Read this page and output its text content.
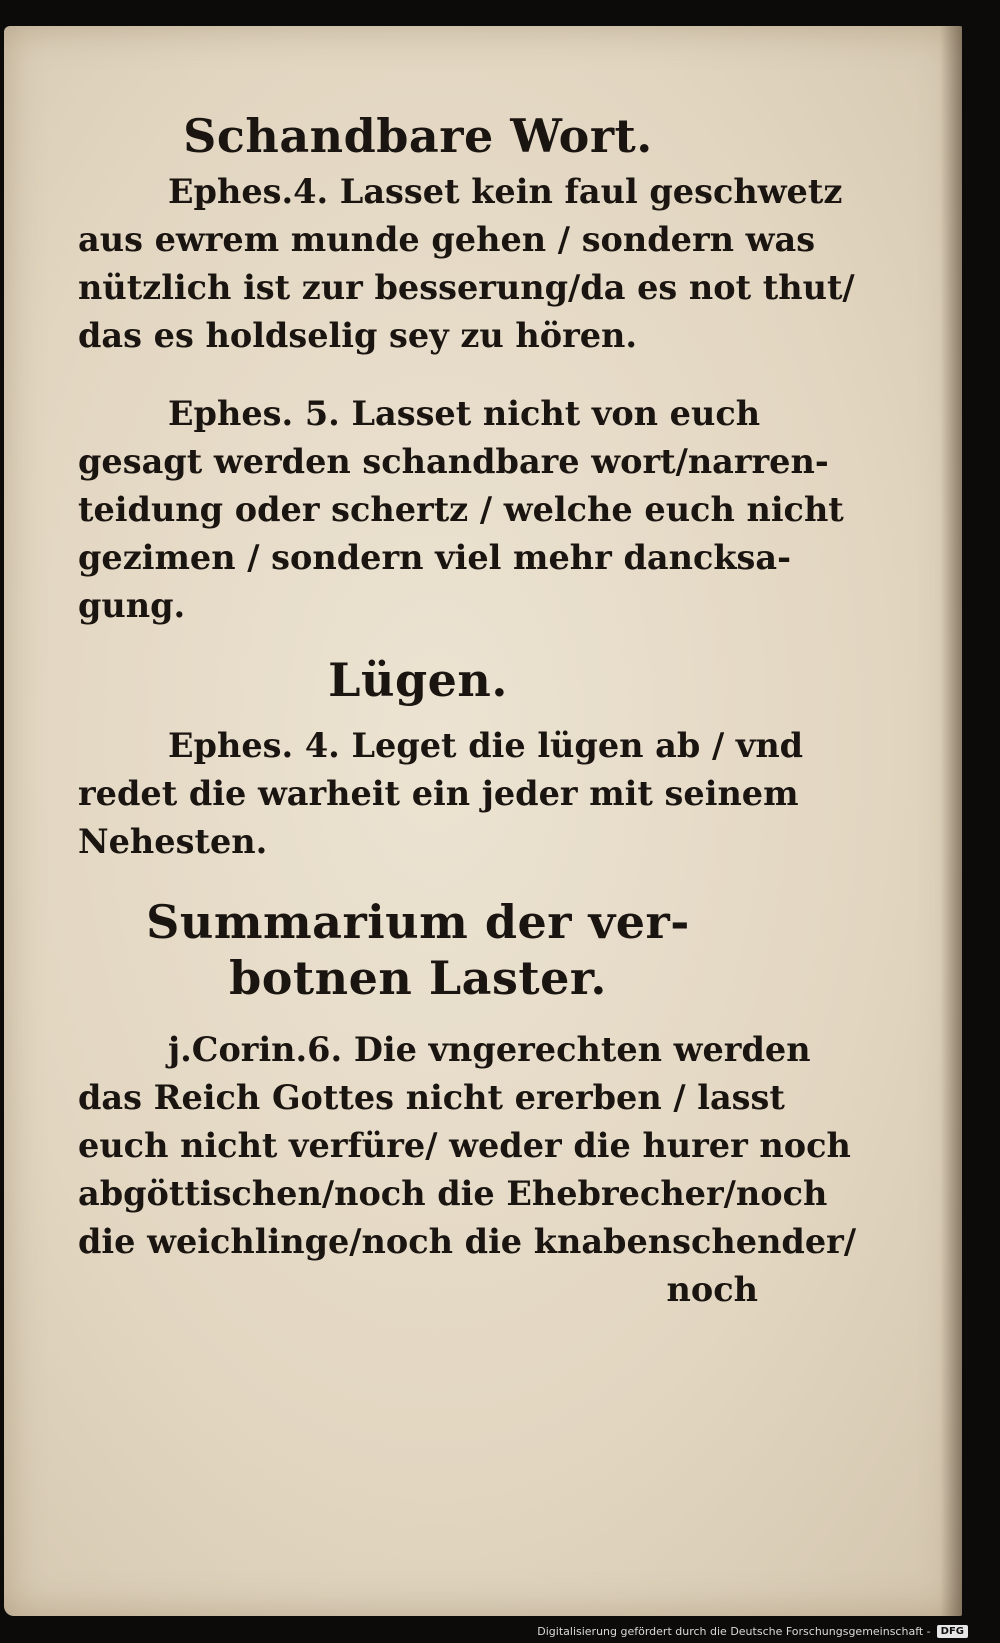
Schandbare Wort.

Ephes.4. Lasset kein faul geschwetz
aus ewrem munde gehen / sondern was
nützlich ist zur besserung/da es not thut/
das es holdselig sey zu hören.

Ephes. 5. Lasset nicht von euch
gesagt werden schandbare wort/narren-
teidung oder schertz / welche euch nicht
gezimen / sondern viel mehr dancksa-
gung.

Lügen.

Ephes. 4. Leget die lügen ab / vnd
redet die warheit ein jeder mit seinem
Nehesten.

Summarium der ver-
botnen Laster.

j.Corin.6. Die vngerechten werden
das Reich Gottes nicht ererben / lasst
euch nicht verfüre/ weder die hurer noch
abgöttischen/noch die Ehebrecher/noch
die weichlinge/noch die knabenschender/
noch

Digitalisierung gefördert durch die Deutsche Forschungsgemeinschaft -	DFG
